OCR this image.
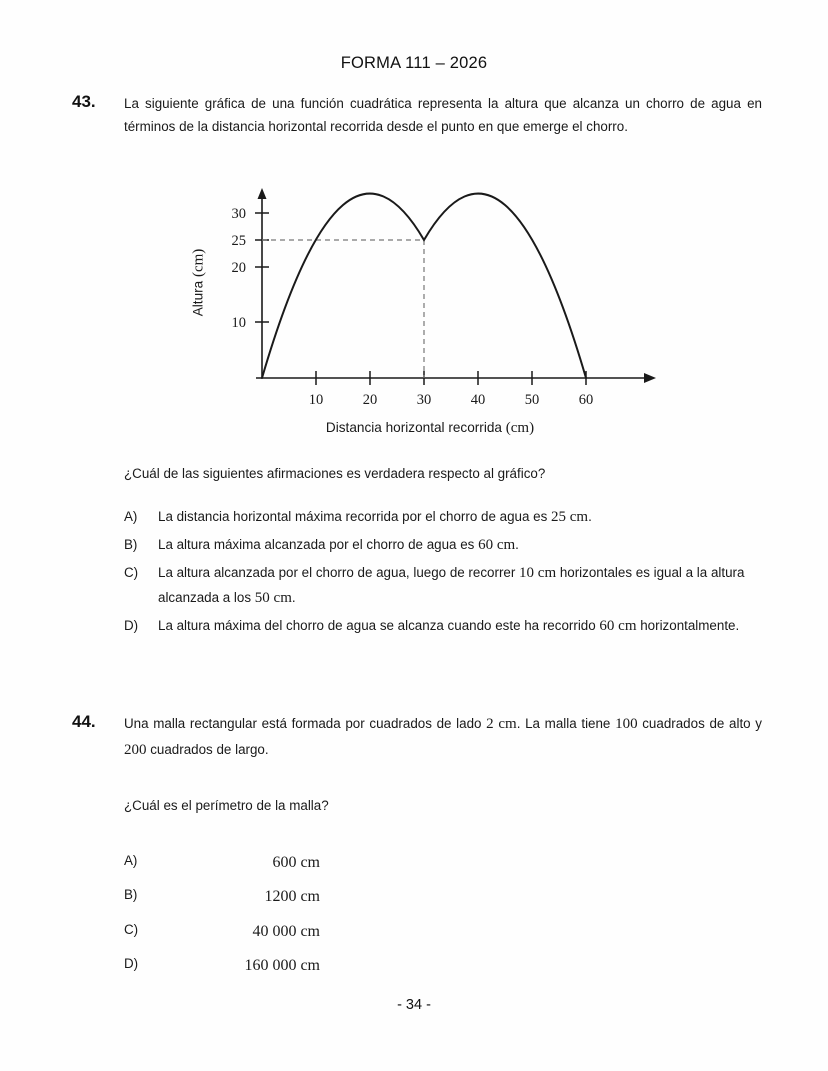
FORMA 111 – 2026
43.	La siguiente gráfica de una función cuadrática representa la altura que alcanza un chorro de agua en términos de la distancia horizontal recorrida desde el punto en que emerge el chorro.
30
25
20
10
10	20	30	40	50	60
Altura (cm)
Distancia horizontal recorrida (cm)
¿Cuál de las siguientes afirmaciones es verdadera respecto al gráfico?
A)	La distancia horizontal máxima recorrida por el chorro de agua es 25 cm.
B)	La altura máxima alcanzada por el chorro de agua es 60 cm.
C)	La altura alcanzada por el chorro de agua, luego de recorrer 10 cm horizontales es igual a la altura alcanzada a los 50 cm.
D)	La altura máxima del chorro de agua se alcanza cuando este ha recorrido 60 cm horizontalmente.
44.	Una malla rectangular está formada por cuadrados de lado 2 cm. La malla tiene 100 cuadrados de alto y 200 cuadrados de largo.
¿Cuál es el perímetro de la malla?
A)	600 cm
B)	1200 cm
C)	40 000 cm
D)	160 000 cm
- 34 -
